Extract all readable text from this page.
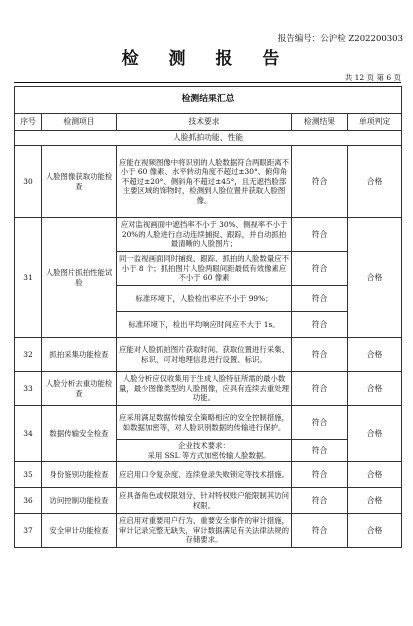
报告编号：公沪检 Z202200303
检 测 报 告
共 12 页 第 6 页
检测结果汇总				
序号	检测项目	技术要求	检测结果	单项判定
人脸抓拍功能、性能				
30	人脸图像获取功能检查	应能在视频图像中将识别的人脸数据符合两眼距离不小于 60 像素、水平转动角度不超过±30°、俯仰角不超过±20°、侧斜角不超过±45°，且无遮挡脸部主要区域的饰物时，检测到人脸位置并获取人脸图像。	符合	合格
31	人脸图片抓拍性能试验	应对监视画面中遮挡率不小于 30%、侧视率不小于 20%的人脸进行自动连续捕捉、跟踪，并自动抓拍最清晰的人脸图片；	符合	合格

		同一监视画面同时捕捉、跟踪、抓拍的人脸数量应不小于 8 个；抓拍图片人脸两眼间距最低有效像素应不小于 60 像素	符合	

		标准环境下，人脸检出率应不小于 99%；	符合	

		标准环境下，检出平均响应时间应不大于 1s。	符合	
32	抓拍采集功能检查	应能对人脸抓拍图片获取时间、获取位置进行采集、标识，可对地理信息进行设置、标识。	符合	合格
33	人脸分析去重功能检查	人脸分析应仅收集用于生成人脸特征所需的最小数量，最少图像类型的人脸图像，应具有连续去重处理功能。	符合	合格
34	数据传输安全检查	应采用满足数据传输安全策略相应的安全控制措施，如数据加密等，对人脸识别数据的传输进行保护。	符合	合格

		企业技术要求：
采用 SSL 等方式加密传输人脸数据。	符合	
35	身份鉴别功能检查	应启用口令复杂度、连续登录失败锁定等技术措施。	符合	合格
36	访问控制功能检查	应具备角色或权限划分，针对特权账户能限制其访问权限。	符合	合格
37	安全审计功能检查	应启用对重要用户行为、重要安全事件的审计措施，审计记录完整无缺失，审计数据满足有关法律法规的存储要求。	符合	合格
